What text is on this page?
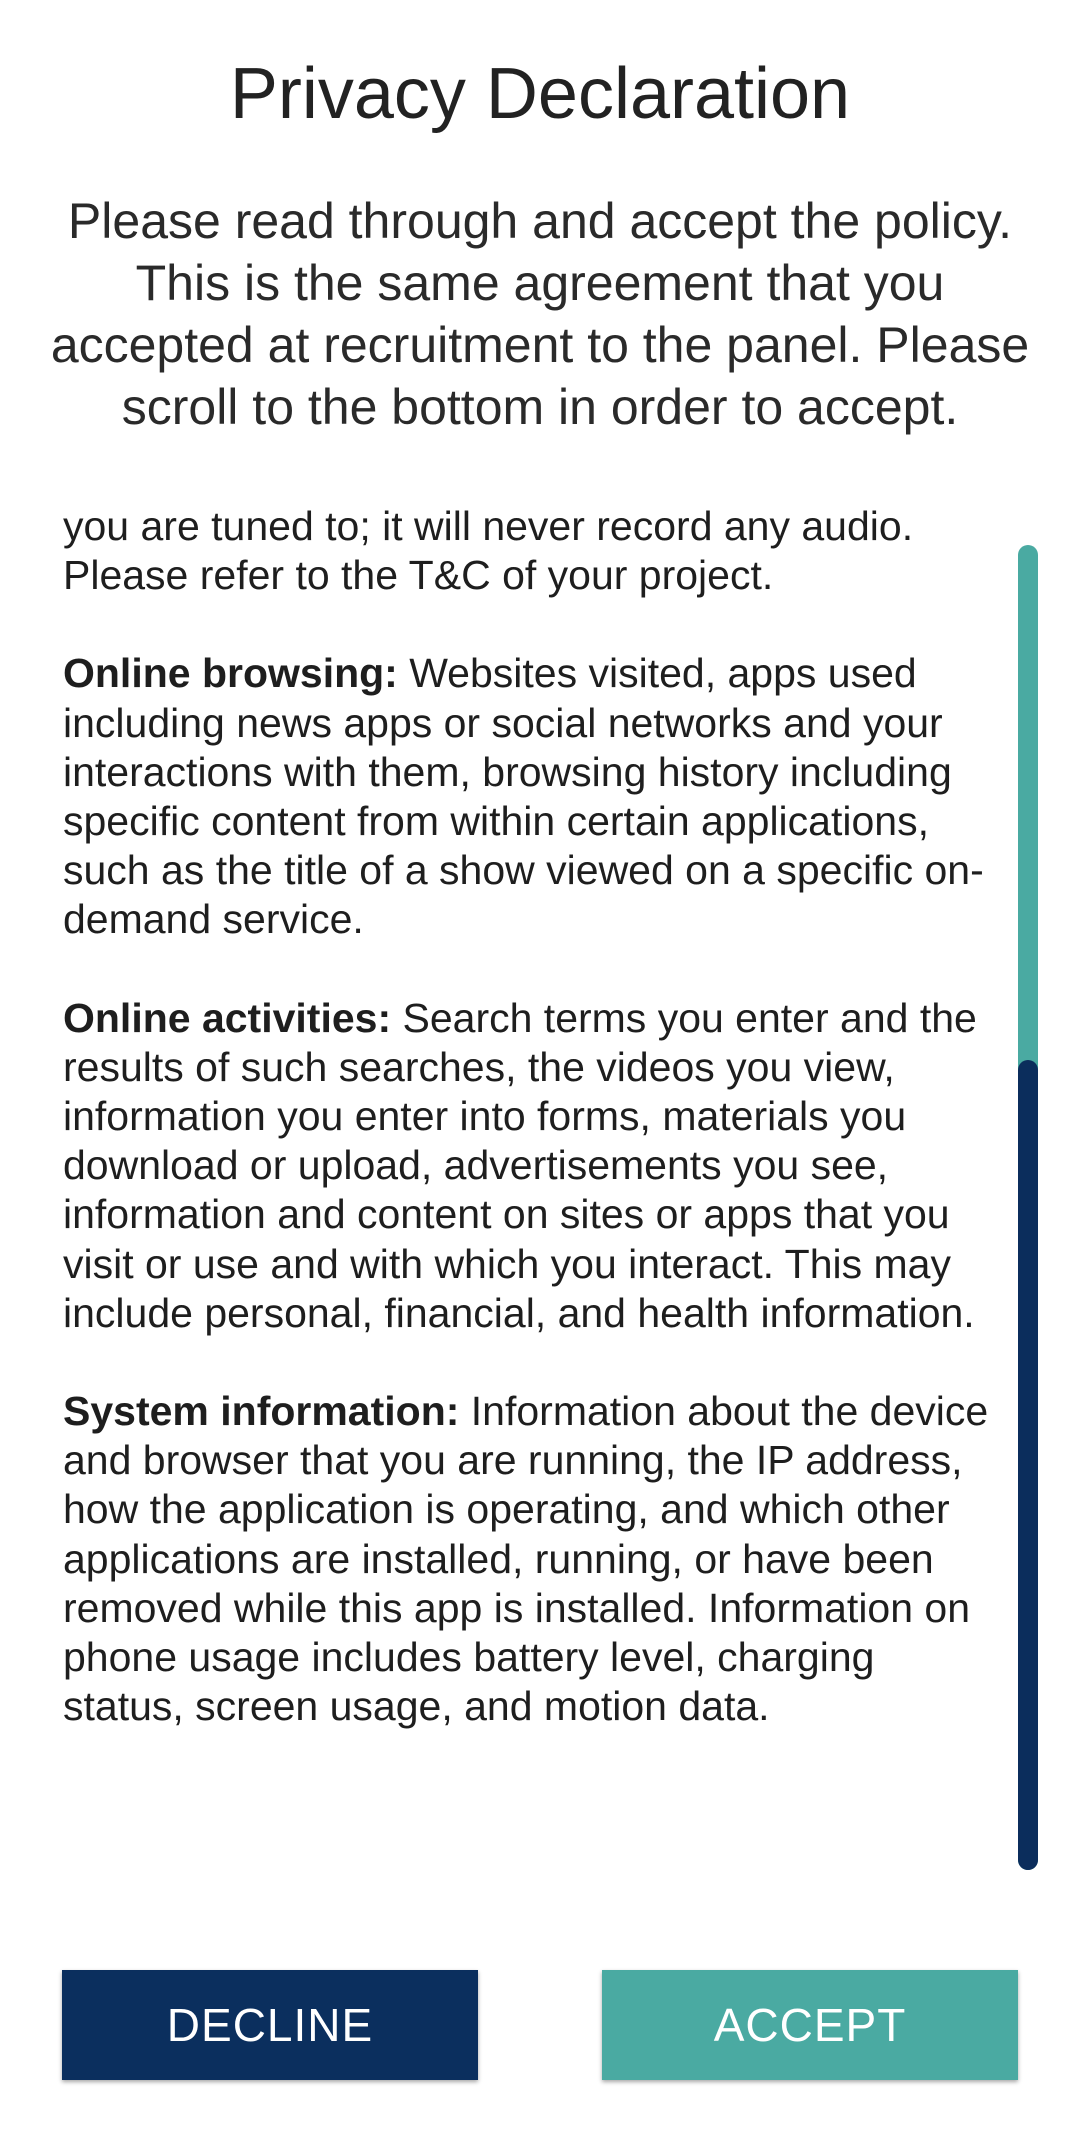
Privacy Declaration

Please read through and accept the policy. This is the same agreement that you accepted at recruitment to the panel. Please scroll to the bottom in order to accept.

you are tuned to; it will never record any audio. Please refer to the T&C of your project.

Online browsing: Websites visited, apps used including news apps or social networks and your interactions with them, browsing history including specific content from within certain applications, such as the title of a show viewed on a specific on-demand service.

Online activities: Search terms you enter and the results of such searches, the videos you view, information you enter into forms, materials you download or upload, advertisements you see, information and content on sites or apps that you visit or use and with which you interact. This may include personal, financial, and health information.

System information: Information about the device and browser that you are running, the IP address, how the application is operating, and which other applications are installed, running, or have been removed while this app is installed. Information on phone usage includes battery level, charging status, screen usage, and motion data.

DECLINE	ACCEPT
